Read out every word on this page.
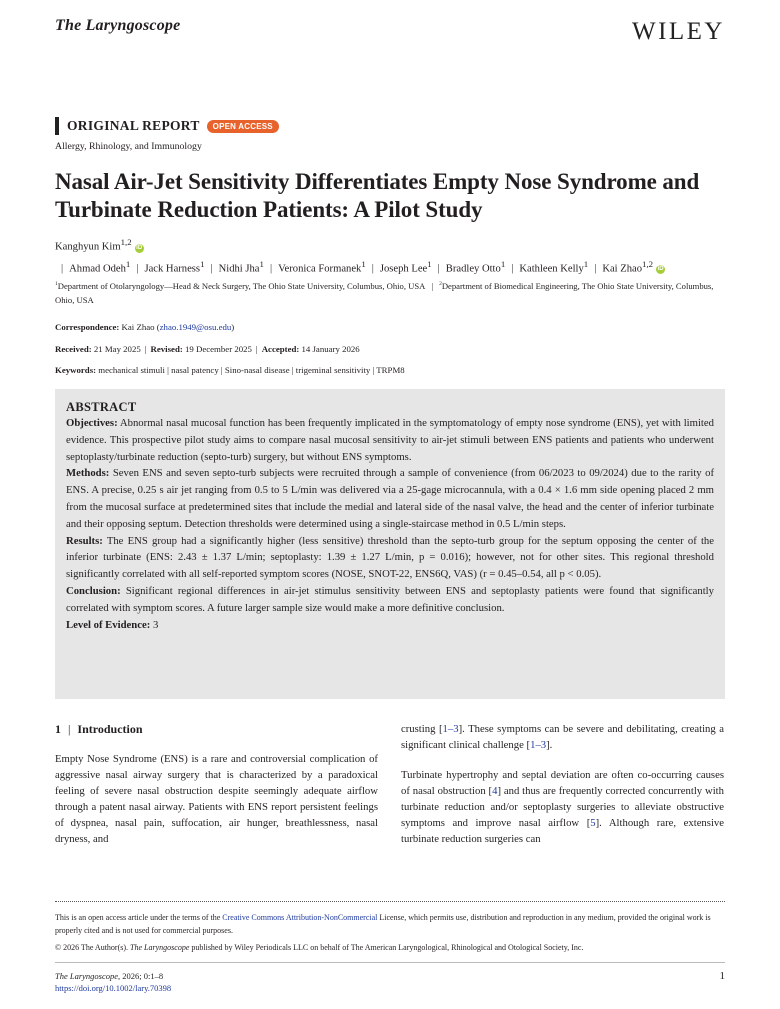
The Laryngoscope	WILEY
ORIGINAL REPORT	OPEN ACCESS
Allergy, Rhinology, and Immunology
Nasal Air-Jet Sensitivity Differentiates Empty Nose Syndrome and Turbinate Reduction Patients: A Pilot Study
Kanghyun Kim$^{1,2}$iD| Ahmad Odeh$^1$ | Jack Harness$^1$ | Nidhi Jha$^1$ | Veronica Formanek$^1$ | Joseph Lee$^1$ | Bradley Otto$^1$ | Kathleen Kelly$^1$ | Kai Zhao$^{1,2}$iD
$^1$Department of Otolaryngology—Head & Neck Surgery, The Ohio State University, Columbus, Ohio, USA | $^2$Department of Biomedical Engineering, The Ohio State University, Columbus, Ohio, USA
Correspondence: Kai Zhao (zhao.1949@osu.edu)
Received: 21 May 2025 | Revised: 19 December 2025 | Accepted: 14 January 2026
Keywords: mechanical stimuli | nasal patency | Sino-nasal disease | trigeminal sensitivity | TRPM8
ABSTRACT
Objectives: Abnormal nasal mucosal function has been frequently implicated in the symptomatology of empty nose syndrome (ENS), yet with limited evidence. This prospective pilot study aims to compare nasal mucosal sensitivity to air-jet stimuli between ENS patients and patients who underwent septoplasty/turbinate reduction (septo-turb) surgery, but without ENS symptoms.
Methods: Seven ENS and seven septo-turb subjects were recruited through a sample of convenience (from 06/2023 to 09/2024) due to the rarity of ENS. A precise, 0.25 s air jet ranging from 0.5 to 5 L/min was delivered via a 25-gage microcannula, with a 0.4 × 1.6 mm side opening placed 2 mm from the mucosal surface at predetermined sites that include the medial and lateral side of the nasal valve, the head and the center of inferior turbinate and their opposing septum. Detection thresholds were determined using a single-staircase method in 0.5 L/min steps.
Results: The ENS group had a significantly higher (less sensitive) threshold than the septo-turb group for the septum opposing the center of the inferior turbinate (ENS: 2.43 ± 1.37 L/min; septoplasty: 1.39 ± 1.27 L/min, p = 0.016); however, not for other sites. This regional threshold significantly correlated with all self-reported symptom scores (NOSE, SNOT-22, ENS6Q, VAS) (r = 0.45–0.54, all p < 0.05).
Conclusion: Significant regional differences in air-jet stimulus sensitivity between ENS and septoplasty patients were found that significantly correlated with symptom scores. A future larger sample size would make a more definitive conclusion.
Level of Evidence: 3
1 | Introduction

Empty Nose Syndrome (ENS) is a rare and controversial complication of aggressive nasal airway surgery that is characterized by a paradoxical feeling of severe nasal obstruction despite seemingly adequate airflow through a patent nasal airway. Patients with ENS report persistent feelings of dyspnea, nasal pain, suffocation, air hunger, breathlessness, nasal dryness, and

crusting [1–3]. These symptoms can be severe and debilitating, creating a significant clinical challenge [1–3].

Turbinate hypertrophy and septal deviation are often co-occurring causes of nasal obstruction [4] and thus are frequently corrected concurrently with turbinate reduction and/or septoplasty surgeries to alleviate obstructive symptoms and improve nasal airflow [5]. Although rare, extensive turbinate reduction surgeries can

This is an open access article under the terms of the Creative Commons Attribution-NonCommercial License, which permits use, distribution and reproduction in any medium, provided the original work is properly cited and is not used for commercial purposes.
© 2026 The Author(s). The Laryngoscope published by Wiley Periodicals LLC on behalf of The American Laryngological, Rhinological and Otological Society, Inc.
The Laryngoscope, 2026; 0:1–8
https://doi.org/10.1002/lary.70398
1
